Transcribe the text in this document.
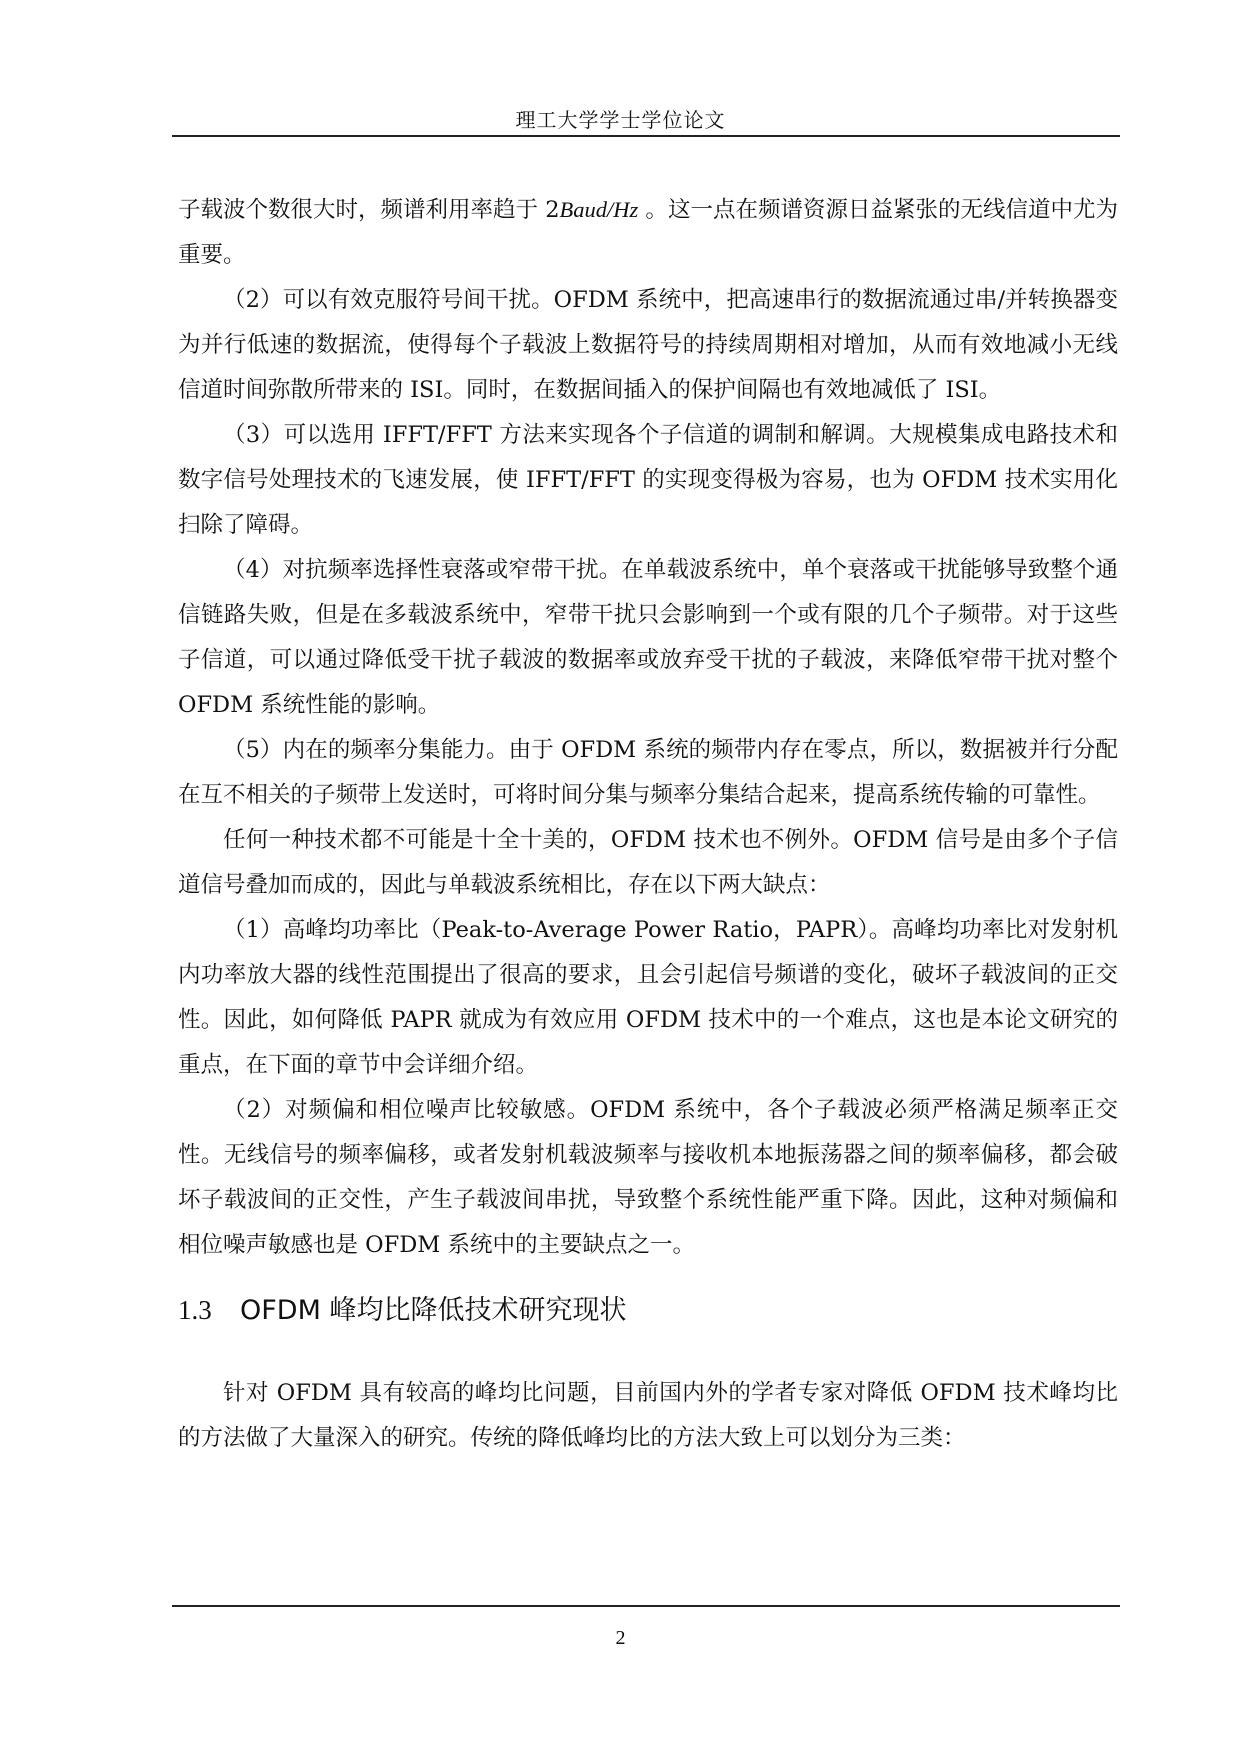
理工大学学士学位论文

子载波个数很大时，频谱利用率趋于 2Baud/Hz 。这一点在频谱资源日益紧张的无线信道中尤为重要。

（2）可以有效克服符号间干扰。OFDM 系统中，把高速串行的数据流通过串/并转换器变为并行低速的数据流，使得每个子载波上数据符号的持续周期相对增加，从而有效地减小无线信道时间弥散所带来的 ISI。同时，在数据间插入的保护间隔也有效地减低了 ISI。

（3）可以选用 IFFT/FFT 方法来实现各个子信道的调制和解调。大规模集成电路技术和数字信号处理技术的飞速发展，使 IFFT/FFT 的实现变得极为容易，也为 OFDM 技术实用化扫除了障碍。

（4）对抗频率选择性衰落或窄带干扰。在单载波系统中，单个衰落或干扰能够导致整个通信链路失败，但是在多载波系统中，窄带干扰只会影响到一个或有限的几个子频带。对于这些子信道，可以通过降低受干扰子载波的数据率或放弃受干扰的子载波，来降低窄带干扰对整个 OFDM 系统性能的影响。

（5）内在的频率分集能力。由于 OFDM 系统的频带内存在零点，所以，数据被并行分配在互不相关的子频带上发送时，可将时间分集与频率分集结合起来，提高系统传输的可靠性。

任何一种技术都不可能是十全十美的，OFDM 技术也不例外。OFDM 信号是由多个子信道信号叠加而成的，因此与单载波系统相比，存在以下两大缺点：

（1）高峰均功率比（Peak-to-Average Power Ratio，PAPR）。高峰均功率比对发射机内功率放大器的线性范围提出了很高的要求，且会引起信号频谱的变化，破坏子载波间的正交性。因此，如何降低 PAPR 就成为有效应用 OFDM 技术中的一个难点，这也是本论文研究的重点，在下面的章节中会详细介绍。

（2）对频偏和相位噪声比较敏感。OFDM 系统中，各个子载波必须严格满足频率正交性。无线信号的频率偏移，或者发射机载波频率与接收机本地振荡器之间的频率偏移，都会破坏子载波间的正交性，产生子载波间串扰，导致整个系统性能严重下降。因此，这种对频偏和相位噪声敏感也是 OFDM 系统中的主要缺点之一。

1.3 OFDM 峰均比降低技术研究现状

针对 OFDM 具有较高的峰均比问题，目前国内外的学者专家对降低 OFDM 技术峰均比的方法做了大量深入的研究。传统的降低峰均比的方法大致上可以划分为三类：

2
